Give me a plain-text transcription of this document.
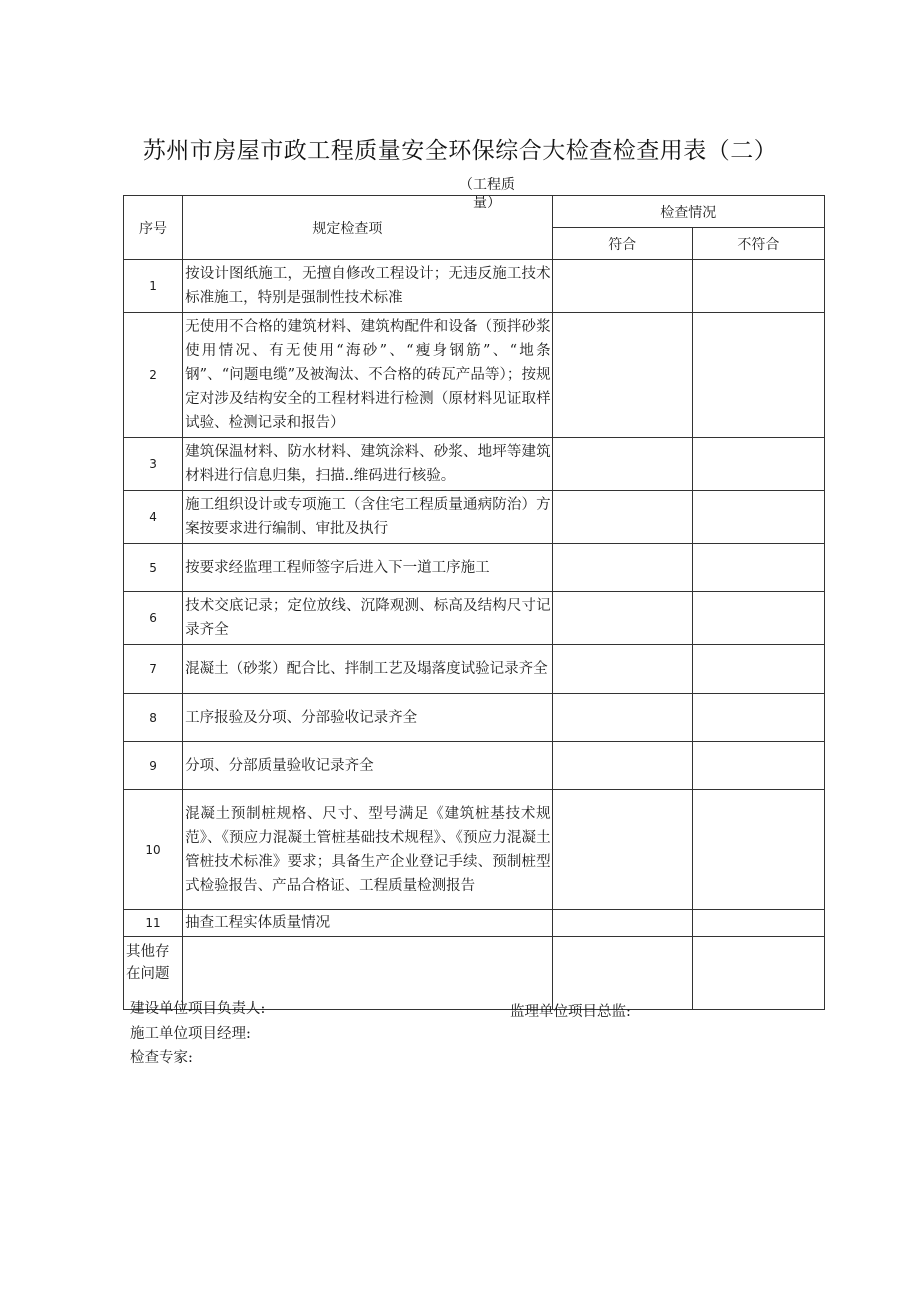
苏州市房屋市政工程质量安全环保综合大检查检查用表（二）
（工程质
量）
序号	规定检查项	检查情况	
		符合	不符合
1	按设计图纸施工，无擅自修改工程设计；无违反施工技术标准施工，特别是强制性技术标准		
2	无使用不合格的建筑材料、建筑构配件和设备（预拌砂浆使用情况、有无使用“海砂”、“瘦身钢筋”、“地条钢”、“问题电缆”及被淘汰、不合格的砖瓦产品等）；按规定对涉及结构安全的工程材料进行检测（原材料见证取样试验、检测记录和报告）		
3	建筑保温材料、防水材料、建筑涂料、砂浆、地坪等建筑材料进行信息归集，扫描..维码进行核验。		
4	施工组织设计或专项施工（含住宅工程质量通病防治）方案按要求进行编制、审批及执行		
5	按要求经监理工程师签字后进入下一道工序施工		
6	技术交底记录；定位放线、沉降观测、标高及结构尺寸记录齐全		
7	混凝土（砂浆）配合比、拌制工艺及塌落度试验记录齐全		
8	工序报验及分项、分部验收记录齐全		
9	分项、分部质量验收记录齐全		
10	混凝土预制桩规格、尺寸、型号满足《建筑桩基技术规范》、《预应力混凝土管桩基础技术规程》、《预应力混凝土管桩技术标准》要求；具备生产企业登记手续、预制桩型式检验报告、产品合格证、工程质量检测报告		
11	抽查工程实体质量情况		
其他存在问题			
建设单位项目负责人:	监理单位项目总监:
施工单位项目经理:
检查专家:
